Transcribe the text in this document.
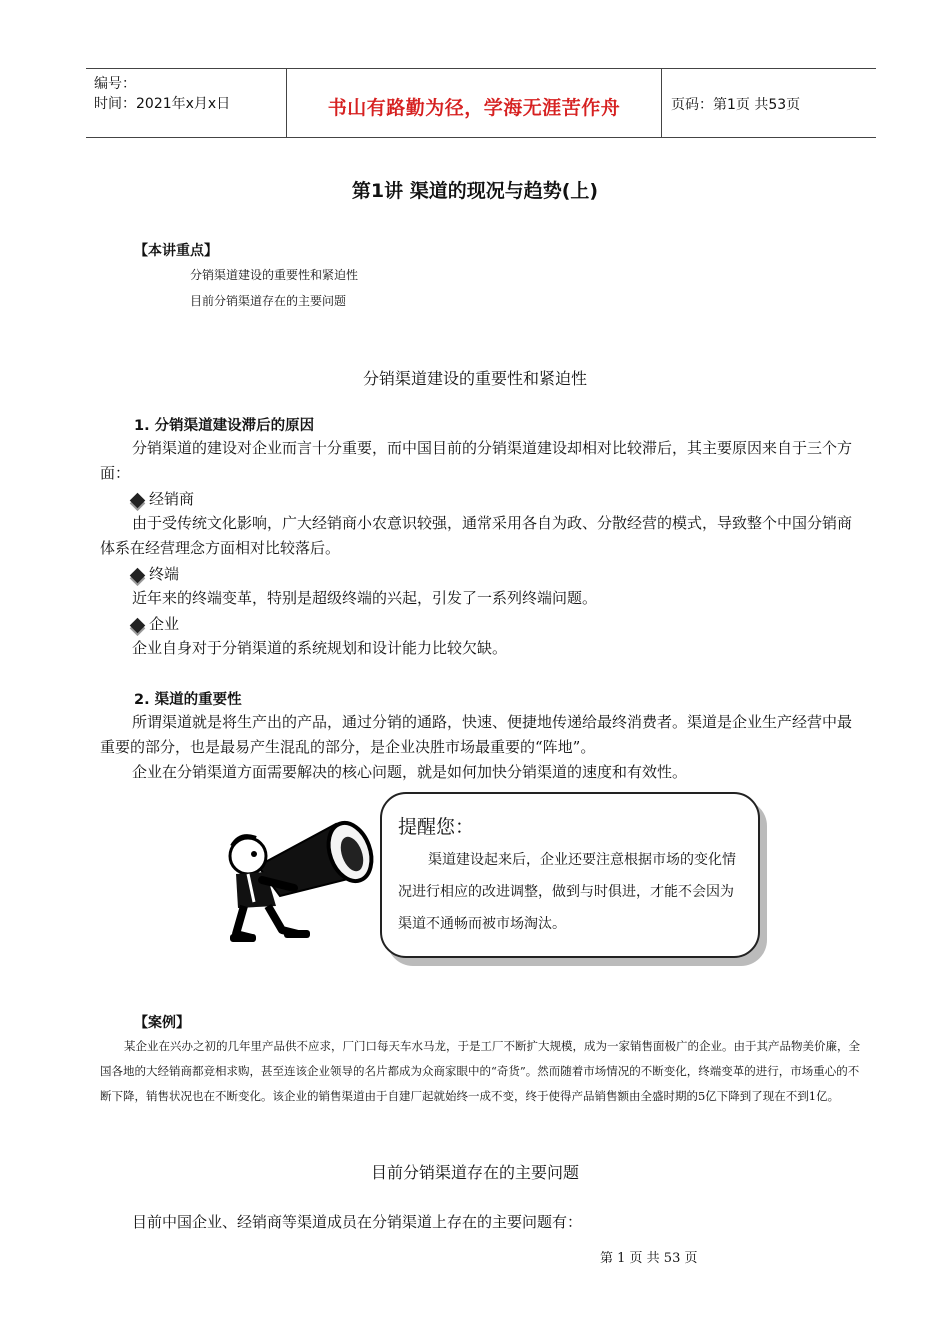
编号：
时间：2021年x月x日	书山有路勤为径，学海无涯苦作舟	页码：第1页 共53页
第1讲 渠道的现况与趋势(上)
【本讲重点】
分销渠道建设的重要性和紧迫性
目前分销渠道存在的主要问题
分销渠道建设的重要性和紧迫性
1. 分销渠道建设滞后的原因

分销渠道的建设对企业而言十分重要，而中国目前的分销渠道建设却相对比较滞后，其主要原因来自于三个方面：

经销商

由于受传统文化影响，广大经销商小农意识较强，通常采用各自为政、分散经营的模式，导致整个中国分销商体系在经营理念方面相对比较落后。

终端

近年来的终端变革，特别是超级终端的兴起，引发了一系列终端问题。

企业

企业自身对于分销渠道的系统规划和设计能力比较欠缺。

2. 渠道的重要性

所谓渠道就是将生产出的产品，通过分销的通路，快速、便捷地传递给最终消费者。渠道是企业生产经营中最重要的部分，也是最易产生混乱的部分，是企业决胜市场最重要的“阵地”。

企业在分销渠道方面需要解决的核心问题，就是如何加快分销渠道的速度和有效性。

提醒您：

渠道建设起来后，企业还要注意根据市场的变化情况进行相应的改进调整，做到与时俱进，才能不会因为渠道不通畅而被市场淘汰。

【案例】

某企业在兴办之初的几年里产品供不应求，厂门口每天车水马龙，于是工厂不断扩大规模，成为一家销售面极广的企业。由于其产品物美价廉，全国各地的大经销商都竞相求购，甚至连该企业领导的名片都成为众商家眼中的“奇货”。然而随着市场情况的不断变化，终端变革的进行，市场重心的不断下降，销售状况也在不断变化。该企业的销售渠道由于自建厂起就始终一成不变，终于使得产品销售额由全盛时期的5亿下降到了现在不到1亿。

目前分销渠道存在的主要问题

目前中国企业、经销商等渠道成员在分销渠道上存在的主要问题有：

第 1 页 共 53 页
